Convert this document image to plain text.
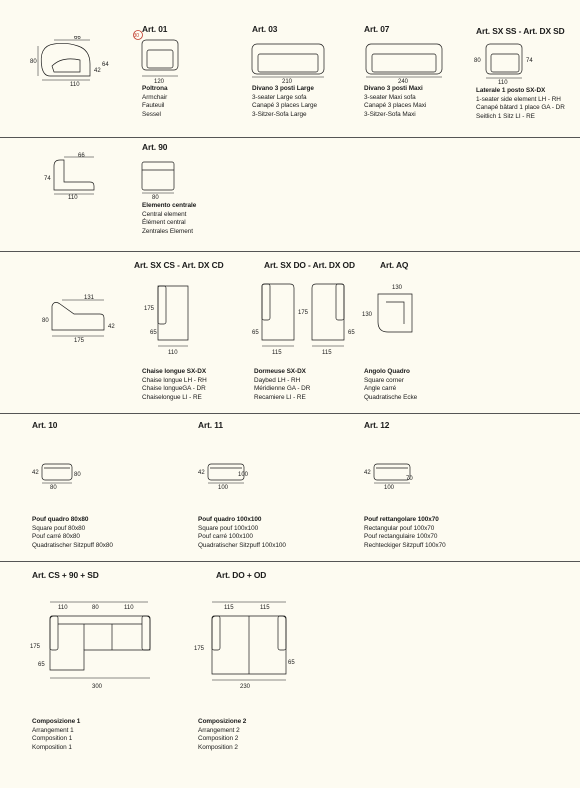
66
80
42
64
110
Art. 01
30
120
Poltrona
Armchair
Fauteuil
Sessel
Art. 03
210
Divano 3 posti Large
3-seater Large sofa
Canapé 3 places Large
3-Sitzer-Sofa Large
Art. 07
240
Divano 3 posti Maxi
3-seater Maxi sofa
Canapé 3 places Maxi
3-Sitzer-Sofa Maxi
Art. SX SS - Art. DX SD
80	74
110
Laterale 1 posto SX-DX
1-seater side element LH - RH
Canapé bâtard 1 place GA - DR
Seitlich 1 Sitz LI - RE
66
74
110
Art. 90
80
Elemento centrale
Central element
Élément central
Zentrales Element
131
80
42
175
Art. SX CS - Art. DX CD
175
65
110
Chaise longue SX-DX
Chaise longue LH - RH
Chaise longueGA - DR
Chaiselongue LI - RE
Art. SX DO - Art. DX OD
175
65
115	115
65
Dormeuse SX-DX
Daybed LH - RH
Méridienne GA - DR
Recamiere LI - RE
Art. AQ
130
130
Angolo Quadro
Square corner
Angle carré
Quadratische Ecke
Art. 10
42	80
80
Pouf quadro 80x80
Square pouf 80x80
Pouf carré 80x80
Quadratischer Sitzpuff 80x80
Art. 11
42	100
100
Pouf quadro 100x100
Square pouf 100x100
Pouf carré 100x100
Quadratischer Sitzpuff 100x100
Art. 12
42
70
100
Pouf rettangolare 100x70
Rectangular pouf 100x70
Pouf rectangulaire 100x70
Rechteckiger Sitzpuff 100x70
Art. CS + 90 + SD
110	80	110
175
65
300
Composizione 1
Arrangement 1
Composition 1
Komposition 1
Art. DO + OD
115	115
175
65
230
Composizione 2
Arrangement 2
Composition 2
Komposition 2
